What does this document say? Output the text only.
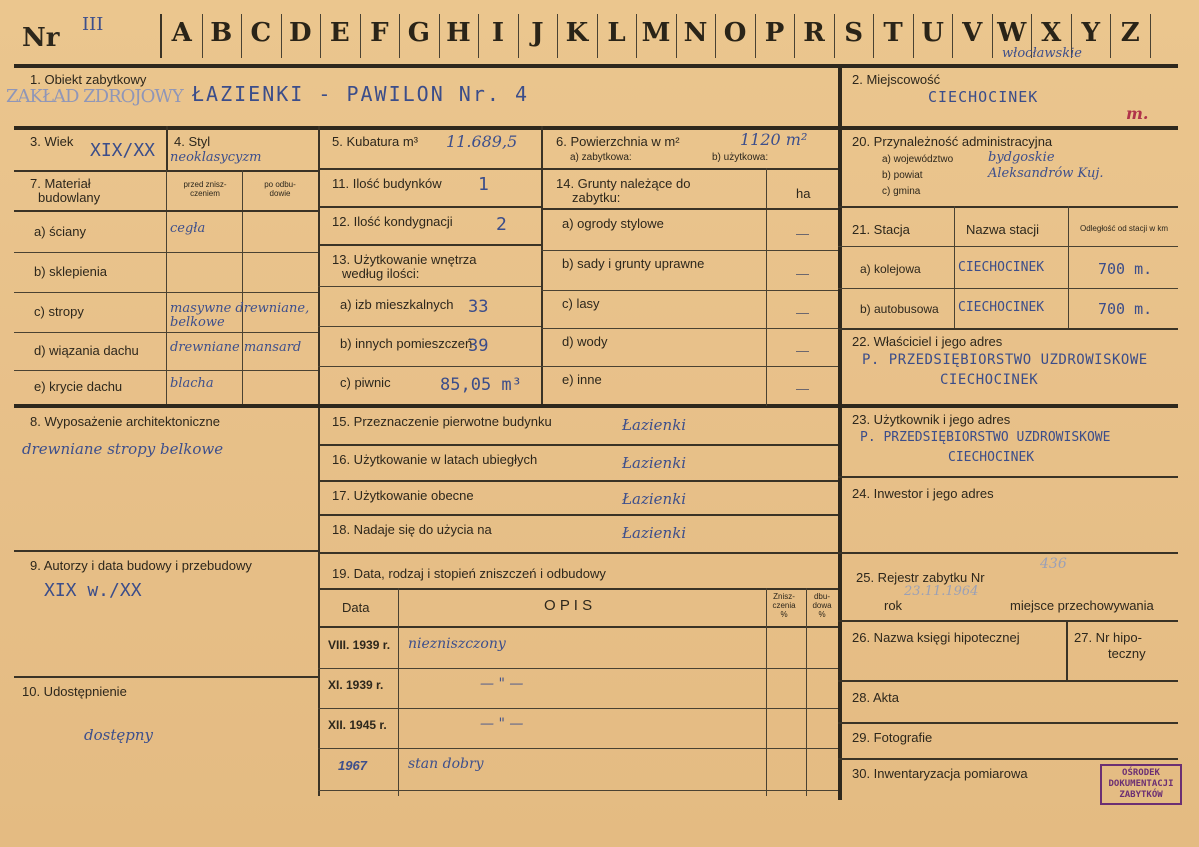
Nr III	A B C D E F G H I	J K L M N O P R S T U V W X Y Z
włocławskie
1. Obiekt zabytkowy
ZAKŁAD ZDROJOWY ŁAZIENKI - PAWILON Nr. 4
2. Miejscowość
CIECHOCINEK
m.
3. Wiek XIX/XX 4. Styl
neoklasycyzm
5. Kubatura m³ 11.689,5	6. Powierzchnia w m²	1120 m²
a) zabytkowa:	b) użytkowa:
7. Materiał
budowlany
przed znisz-
czeniem
po odbu-
dowie
a) ściany	cegła
b) sklepienia
c) stropy	masywne drewniane, belkowe
d) wiązania dachu drewniane mansard
e) krycie dachu	blacha
8. Wyposażenie architektoniczne
drewniane stropy belkowe
9. Autorzy i data budowy i przebudowy
XIX w./XX
10. Udostępnienie
dostępny
11. Ilość budynków 1
12. Ilość kondygnacji 2
13. Użytkowanie wnętrza
według ilości:
a) izb mieszkalnych 33
b) innych pomieszczeń
39
c) piwnic	85,05 m³
14. Grunty należące do
zabytku:	ha
a) ogrody stylowe
—
b) sady i grunty uprawne
—
c) lasy
—
d) wody
—
e) inne
—
15. Przeznaczenie pierwotne budynku	Łazienki
16. Użytkowanie w latach ubiegłych	Łazienki
17. Użytkowanie obecne	Łazienki
18. Nadaje się do użycia na	Łazienki
19. Data, rodzaj i stopień zniszczeń i odbudowy
Data	O P I S
Znisz-
czenia
%
dbu-
dowa
%
VIII. 1939 r. niezniszczony
XI. 1939 r.	— " —
XII. 1945 r.	— " —
1967	stan dobry
20. Przynależność administracyjna
a) województwo	bydgoskie
b) powiat	Aleksandrów Kuj.
c) gmina
21. Stacja	Nazwa stacji	Odległość od stacji w km
a) kolejowa	CIECHOCINEK	700 m.
b) autobusowa CIECHOCINEK	700 m.
22. Właściciel i jego adres
P. PRZEDSIĘBIORSTWO UZDROWISKOWE
CIECHOCINEK
23. Użytkownik i jego adres
P. PRZEDSIĘBIORSTWO UZDROWISKOWE
CIECHOCINEK
24. Inwestor i jego adres
25. Rejestr zabytku Nr
436
23.11.1964
rok	miejsce przechowywania
26. Nazwa księgi hipotecznej	27. Nr hipo-
teczny
28. Akta
29. Fotografie
30. Inwentaryzacja pomiarowa	OŚRODEK
DOKUMENTACJI
ZABYTKÓW
